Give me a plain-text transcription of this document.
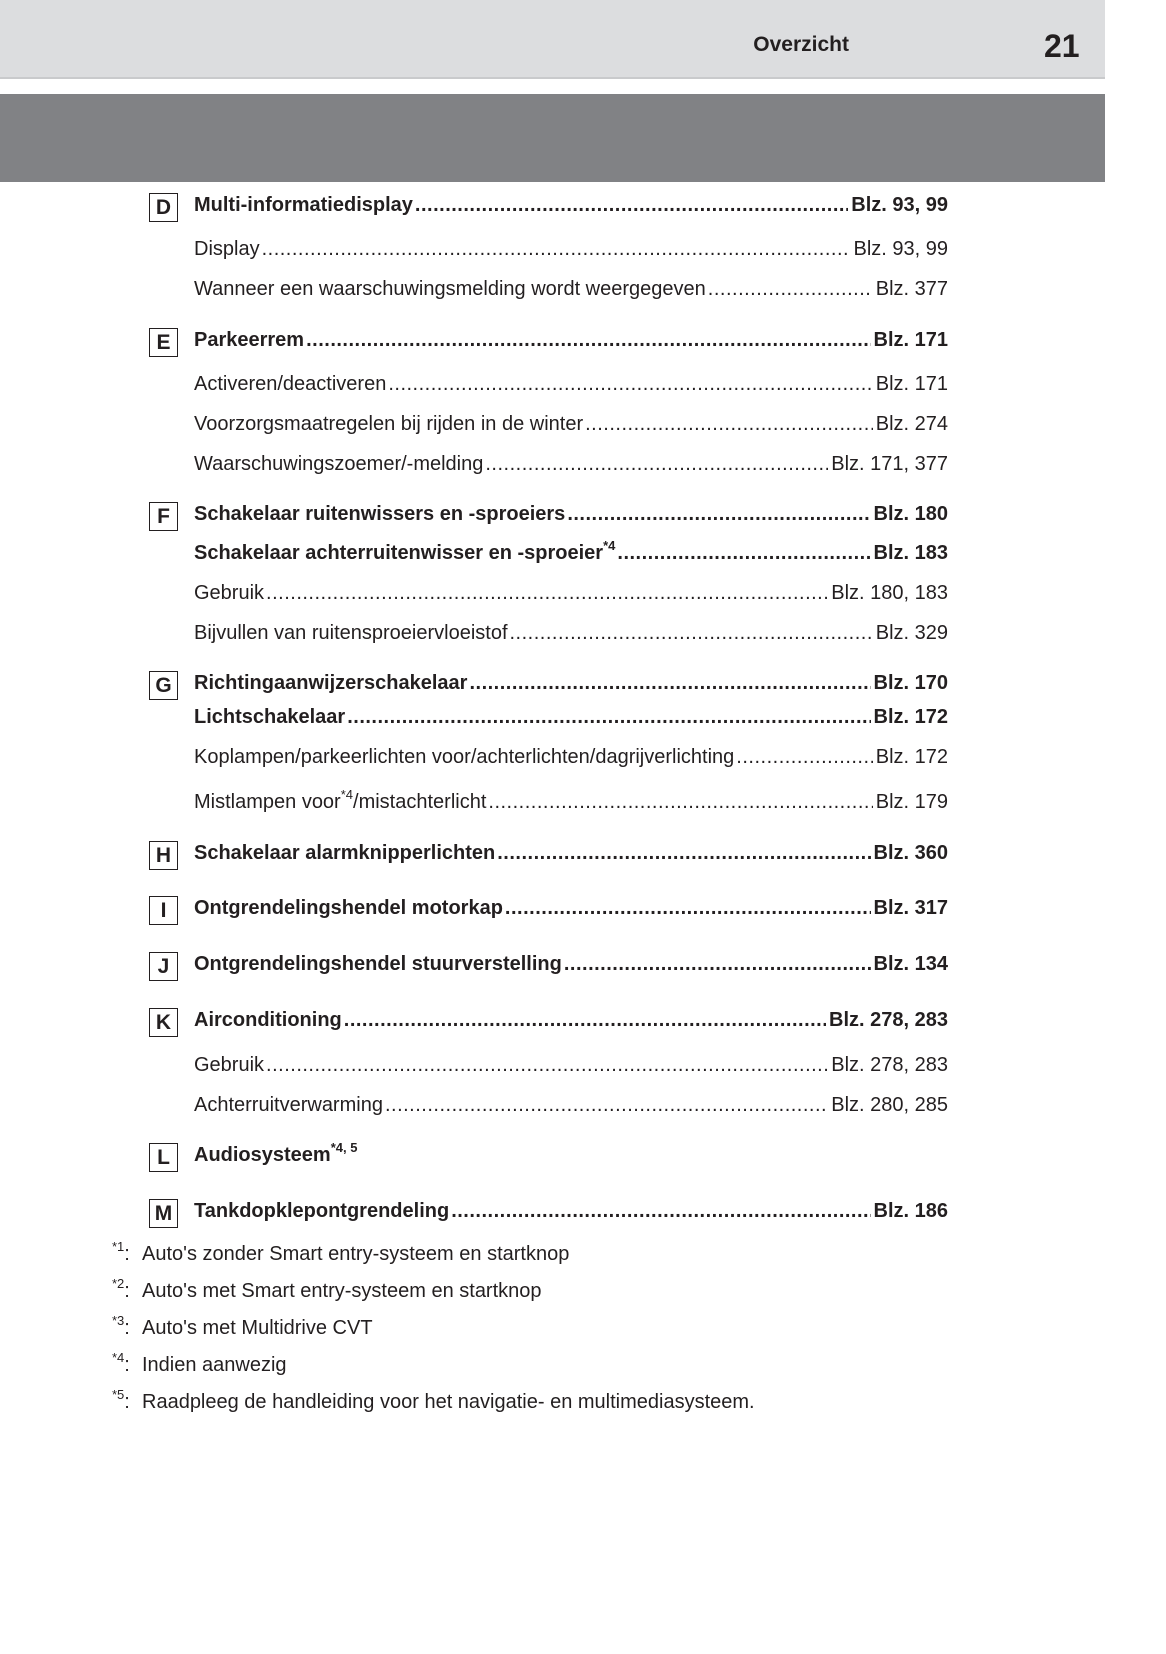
Overzicht	21
D	Multi-informatiedisplay .....	Blz. 93, 99
Display .....	Blz. 93, 99
Wanneer een waarschuwingsmelding wordt weergegeven .....	Blz. 377
E	Parkeerrem .....	Blz. 171
Activeren/deactiveren .....	Blz. 171
Voorzorgsmaatregelen bij rijden in de winter .....	Blz. 274
Waarschuwingszoemer/-melding .....	Blz. 171, 377
F	Schakelaar ruitenwissers en -sproeiers .....	Blz. 180
Schakelaar achterruitenwisser en -sproeier$^{*4}$ .....	Blz. 183
Gebruik .....	Blz. 180, 183
Bijvullen van ruitensproeiervloeistof .....	Blz. 329
G	Richtingaanwijzerschakelaar .....	Blz. 170
Lichtschakelaar .....	Blz. 172
Koplampen/parkeerlichten voor/achterlichten/dagrijverlichting .....	Blz. 172
Mistlampen voor$^{*4}$/mistachterlicht .....	Blz. 179
H	Schakelaar alarmknipperlichten .....	Blz. 360
I	Ontgrendelingshendel motorkap .....	Blz. 317
J	Ontgrendelingshendel stuurverstelling .....	Blz. 134
K	Airconditioning .....	Blz. 278, 283
Gebruik .....	Blz. 278, 283
Achterruitverwarming .....	Blz. 280, 285
L	Audiosysteem$^{*4, 5}$
M Tankdopklepontgrendeling .....	Blz. 186
$^{*1}$: Auto's zonder Smart entry-systeem en startknop
$^{*2}$: Auto's met Smart entry-systeem en startknop
$^{*3}$: Auto's met Multidrive CVT
$^{*4}$: Indien aanwezig
$^{*5}$: Raadpleeg de handleiding voor het navigatie- en multimediasysteem.
